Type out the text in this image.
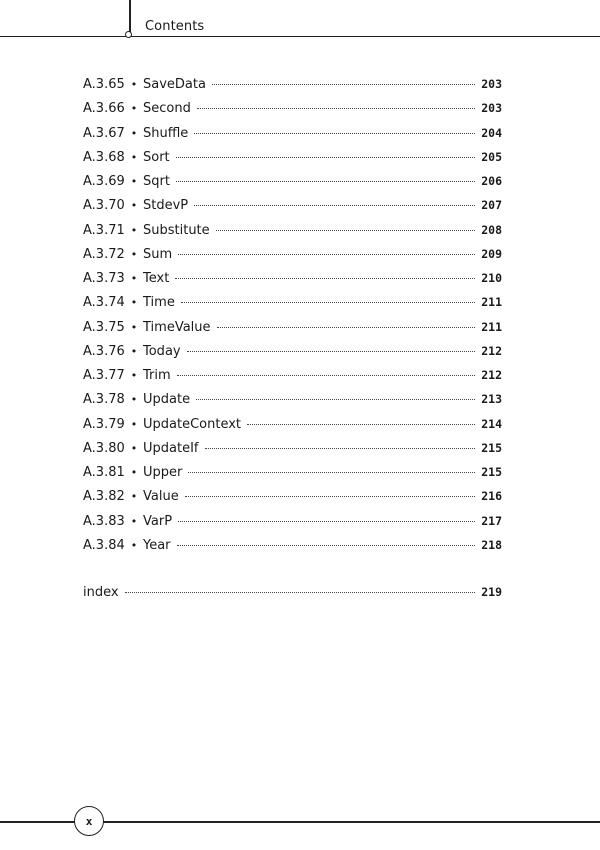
Contents
A.3.65 • SaveData	203
A.3.66 • Second	203
A.3.67 • Shuffle	204
A.3.68 • Sort	205
A.3.69 • Sqrt	206
A.3.70 • StdevP	207
A.3.71 • Substitute	208
A.3.72 • Sum	209
A.3.73 • Text	210
A.3.74 • Time	211
A.3.75 • TimeValue	211
A.3.76 • Today	212
A.3.77 • Trim	212
A.3.78 • Update	213
A.3.79 • UpdateContext	214
A.3.80 • UpdateIf	215
A.3.81 • Upper	215
A.3.82 • Value	216
A.3.83 • VarP	217
A.3.84 • Year	218
index	219
x
